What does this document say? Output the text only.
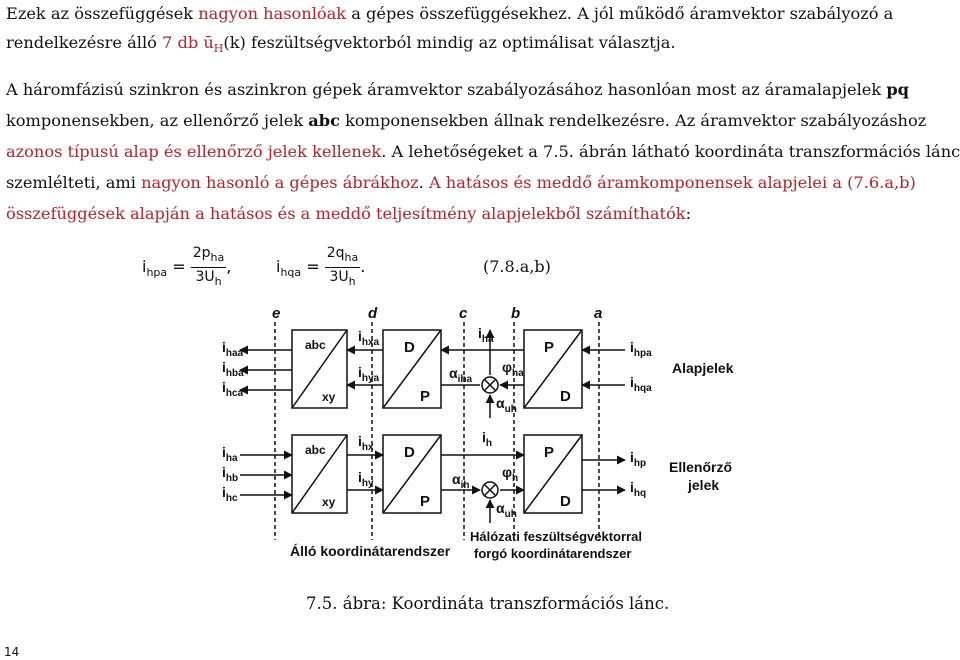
Ezek az összefüggések nagyon hasonlóak a gépes összefüggésekhez. A jól működő áramvektor szabályozó a
rendelkezésre álló 7 db $ū_H(k)$ feszültségvektorból mindig az optimálisat választja.
A háromfázisú szinkron és aszinkron gépek áramvektor szabályozásához hasonlóan most az áramalapjelek pq
komponensekben, az ellenőrző jelek abc komponensekben állnak rendelkezésre. Az áramvektor szabályozáshoz
azonos típusú alap és ellenőrző jelek kellenek. A lehetőségeket a 7.5. ábrán látható koordináta transzformációs lánc
szemlélteti, ami nagyon hasonló a gépes ábrákhoz. A hatásos és meddő áramkomponensek alapjelei a (7.6.a,b)
összefüggések alapján a hatásos és a meddő teljesítmény alapjelekből számíthatók:
$i_{hpa} = \frac{2p_{ha}}{3U_h}$ ,	$i_{hqa} = \frac{2q_{ha}}{3U_h}$ .	(7.8.a,b)
e	d	c	b	a
abc
xy
D
P
P
D
abc
xy
D
P
P
D
$i_{haa}$
$i_{hba}$
$i_{hca}$
$i_{ha}$
$i_{hb}$
$i_{hc}$
$i_{hxa}$
$i_{hya}$
$i_{hx}$
$i_{hy}$
$i_{ha}$
$i_h$
$\alpha_{iha}$
$\varphi_{ha}$
$\alpha_{uh}$
$\alpha_{ih}$
$\varphi_h$
$\alpha_{uh}$
$i_{hpa}$
$i_{hqa}$
$i_{hp}$
$i_{hq}$
Alapjelek
Ellenőrző
jelek
Álló koordinátarendszer
Hálózati feszültségvektorral
forgó koordinátarendszer
7.5. ábra: Koordináta transzformációs lánc.
14
